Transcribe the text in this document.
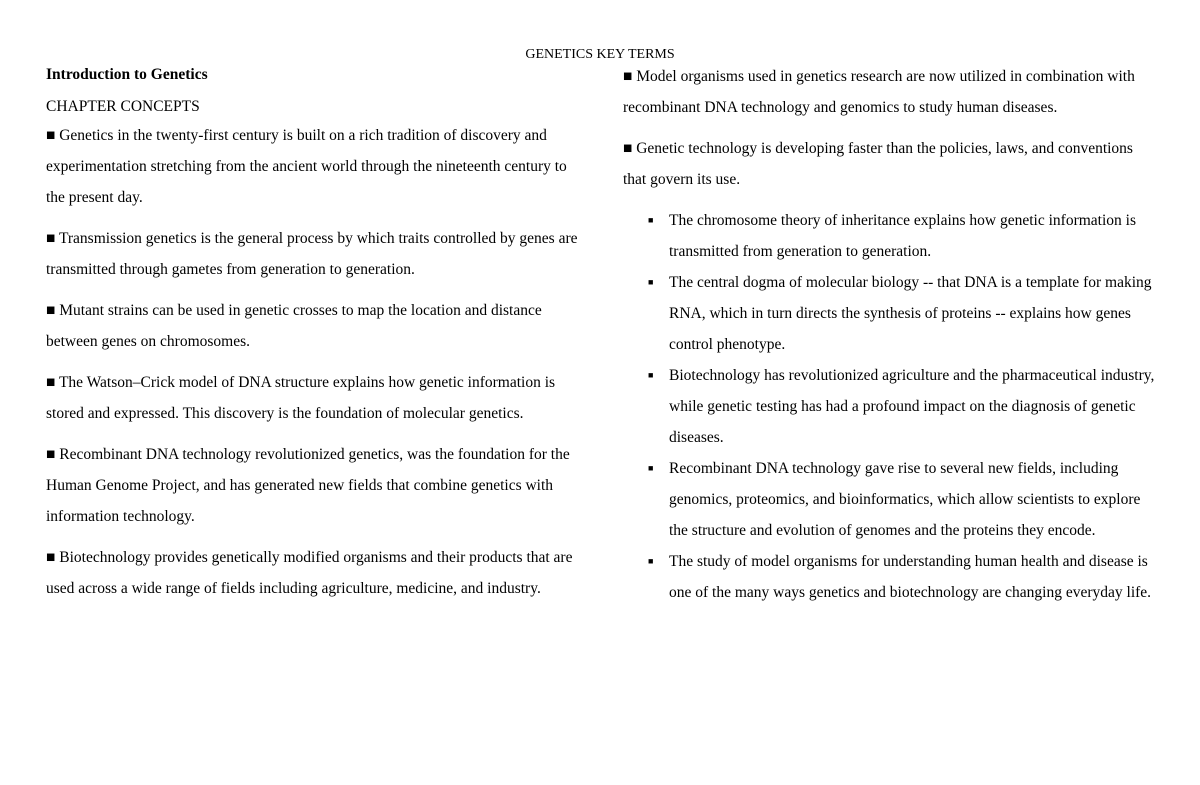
GENETICS KEY TERMS

Introduction to Genetics

CHAPTER CONCEPTS

■ Genetics in the twenty-first century is built on a rich tradition of discovery and experimentation stretching from the ancient world through the nineteenth century to the present day.

■ Transmission genetics is the general process by which traits controlled by genes are transmitted through gametes from generation to generation.

■ Mutant strains can be used in genetic crosses to map the location and distance between genes on chromosomes.

■ The Watson–Crick model of DNA structure explains how genetic information is stored and expressed. This discovery is the foundation of molecular genetics.

■ Recombinant DNA technology revolutionized genetics, was the foundation for the Human Genome Project, and has generated new fields that combine genetics with information technology.

■ Biotechnology provides genetically modified organisms and their products that are used across a wide range of fields including agriculture, medicine, and industry.

■ Model organisms used in genetics research are now utilized in combination with recombinant DNA technology and genomics to study human diseases.

■ Genetic technology is developing faster than the policies, laws, and conventions that govern its use.

■ The chromosome theory of inheritance explains how genetic information is transmitted from generation to generation.
■ The central dogma of molecular biology -- that DNA is a template for making RNA, which in turn directs the synthesis of proteins -- explains how genes control phenotype.
■ Biotechnology has revolutionized agriculture and the pharmaceutical industry, while genetic testing has had a profound impact on the diagnosis of genetic diseases.
■ Recombinant DNA technology gave rise to several new fields, including genomics, proteomics, and bioinformatics, which allow scientists to explore the structure and evolution of genomes and the proteins they encode.
■ The study of model organisms for understanding human health and disease is one of the many ways genetics and biotechnology are changing everyday life.
